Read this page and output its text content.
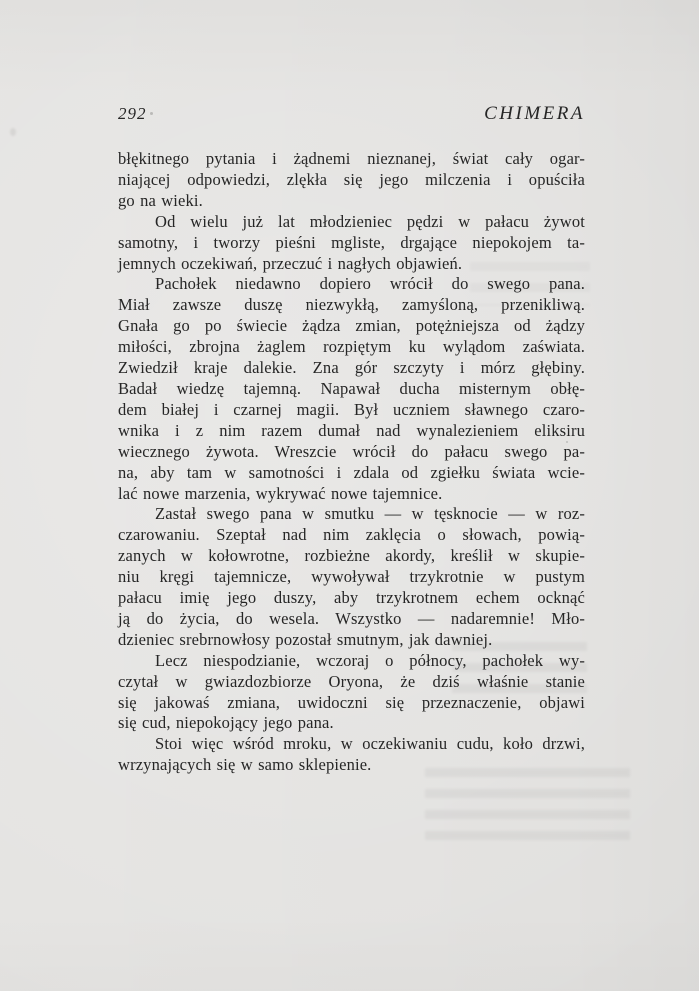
292	CHIMERA
błękitnego pytania i żądnemi nieznanej, świat cały ogar-
niającej odpowiedzi, zlękła się jego milczenia i opuściła
go na wieki.
Od wielu już lat młodzieniec pędzi w pałacu żywot
samotny, i tworzy pieśni mgliste, drgające niepokojem ta-
jemnych oczekiwań, przeczuć i nagłych objawień.
Pachołek niedawno dopiero wrócił do swego pana.
Miał zawsze duszę niezwykłą, zamyśloną, przenikliwą.
Gnała go po świecie żądza zmian, potężniejsza od żądzy
miłości, zbrojna żaglem rozpiętym ku wylądom zaświata.
Zwiedził kraje dalekie. Zna gór szczyty i mórz głębiny.
Badał wiedzę tajemną. Napawał ducha misternym obłę-
dem białej i czarnej magii. Był uczniem sławnego czaro-
wnika i z nim razem dumał nad wynalezieniem eliksiru
wiecznego żywota. Wreszcie wrócił do pałacu swego pa-
na, aby tam w samotności i zdala od zgiełku świata wcie-
lać nowe marzenia, wykrywać nowe tajemnice.
Zastał swego pana w smutku — w tęsknocie — w roz-
czarowaniu. Szeptał nad nim zaklęcia o słowach, powią-
zanych w kołowrotne, rozbieżne akordy, kreślił w skupie-
niu kręgi tajemnicze, wywoływał trzykrotnie w pustym
pałacu imię jego duszy, aby trzykrotnem echem ocknąć
ją do życia, do wesela. Wszystko — nadaremnie! Mło-
dzieniec srebrnowłosy pozostał smutnym, jak dawniej.
Lecz niespodzianie, wczoraj o północy, pachołek wy-
czytał w gwiazdozbiorze Oryona, że dziś właśnie stanie
się jakowaś zmiana, uwidoczni się przeznaczenie, objawi
się cud, niepokojący jego pana.
Stoi więc wśród mroku, w oczekiwaniu cudu, koło drzwi,
wrzynających się w samo sklepienie.
